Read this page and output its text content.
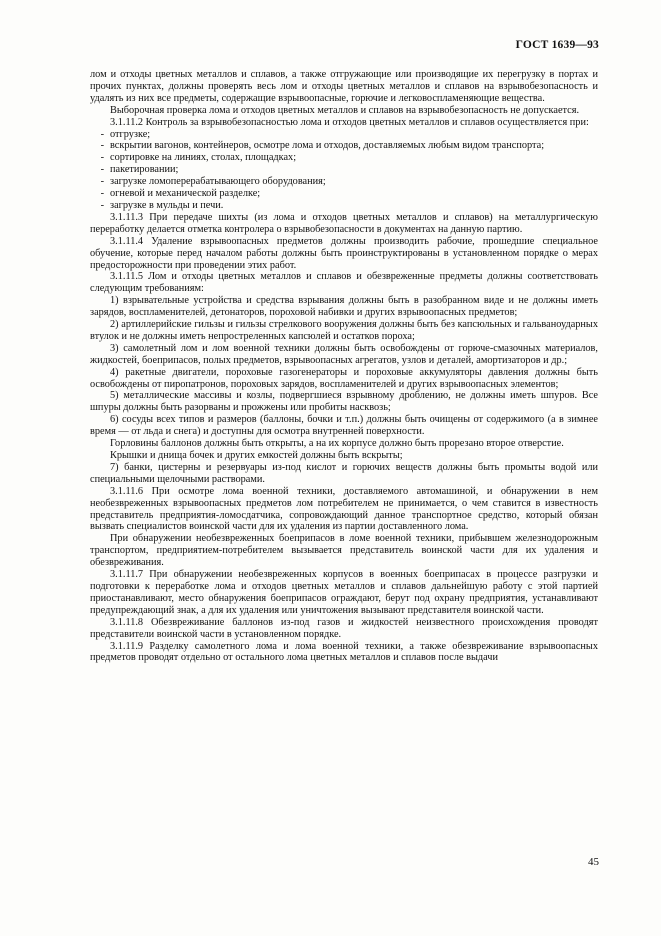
ГОСТ 1639—93

лом и отходы цветных металлов и сплавов, а также отгружающие или производящие их перегрузку в портах и прочих пунктах, должны проверять весь лом и отходы цветных металлов и сплавов на взрывобезопасность и удалять из них все предметы, содержащие взрывоопасные, горючие и легковоспламеняющие вещества.

Выборочная проверка лома и отходов цветных металлов и сплавов на взрывобезопасность не допускается.

3.1.11.2 Контроль за взрывобезопасностью лома и отходов цветных металлов и сплавов осуществляется при:

- отгрузке;

- вскрытии вагонов, контейнеров, осмотре лома и отходов, доставляемых любым видом транспорта;

- сортировке на линиях, столах, площадках;

- пакетировании;

- загрузке ломоперерабатывающего оборудования;

- огневой и механической разделке;

- загрузке в мульды и печи.

3.1.11.3 При передаче шихты (из лома и отходов цветных металлов и сплавов) на металлургическую переработку делается отметка контролера о взрывобезопасности в документах на данную партию.

3.1.11.4 Удаление взрывоопасных предметов должны производить рабочие, прошедшие специальное обучение, которые перед началом работы должны быть проинструктированы в установленном порядке о мерах предосторожности при проведении этих работ.

3.1.11.5 Лом и отходы цветных металлов и сплавов и обезвреженные предметы должны соответствовать следующим требованиям:

1) взрывательные устройства и средства взрывания должны быть в разобранном виде и не должны иметь зарядов, воспламенителей, детонаторов, пороховой набивки и других взрывоопасных предметов;

2) артиллерийские гильзы и гильзы стрелкового вооружения должны быть без капсюльных и гальваноударных втулок и не должны иметь непростреленных капсюлей и остатков пороха;

3) самолетный лом и лом военной техники должны быть освобождены от горюче-смазочных материалов, жидкостей, боеприпасов, полых предметов, взрывоопасных агрегатов, узлов и деталей, амортизаторов и др.;

4) ракетные двигатели, пороховые газогенераторы и пороховые аккумуляторы давления должны быть освобождены от пиропатронов, пороховых зарядов, воспламенителей и других взрывоопасных элементов;

5) металлические массивы и козлы, подвергшиеся взрывному дроблению, не должны иметь шпуров. Все шпуры должны быть разорваны и прожжены или пробиты насквозь;

6) сосуды всех типов и размеров (баллоны, бочки и т.п.) должны быть очищены от содержимого (а в зимнее время — от льда и снега) и доступны для осмотра внутренней поверхности.

Горловины баллонов должны быть открыты, а на их корпусе должно быть прорезано второе отверстие.

Крышки и днища бочек и других емкостей должны быть вскрыты;

7) банки, цистерны и резервуары из-под кислот и горючих веществ должны быть промыты водой или специальными щелочными растворами.

3.1.11.6 При осмотре лома военной техники, доставляемого автомашиной, и обнаружении в нем необезвреженных взрывоопасных предметов лом потребителем не принимается, о чем ставится в известность представитель предприятия-ломосдатчика, сопровождающий данное транспортное средство, который обязан вызвать специалистов воинской части для их удаления из партии доставленного лома.

При обнаружении необезвреженных боеприпасов в ломе военной техники, прибывшем железнодорожным транспортом, предприятием-потребителем вызывается представитель воинской части для их удаления и обезвреживания.

3.1.11.7 При обнаружении необезвреженных корпусов в военных боеприпасах в процессе разгрузки и подготовки к переработке лома и отходов цветных металлов и сплавов дальнейшую работу с этой партией приостанавливают, место обнаружения боеприпасов ограждают, берут под охрану предприятия, устанавливают предупреждающий знак, а для их удаления или уничтожения вызывают представителя воинской части.

3.1.11.8 Обезвреживание баллонов из-под газов и жидкостей неизвестного происхождения проводят представители воинской части в установленном порядке.

3.1.11.9 Разделку самолетного лома и лома военной техники, а также обезвреживание взрывоопасных предметов проводят отдельно от остального лома цветных металлов и сплавов после выдачи

45
